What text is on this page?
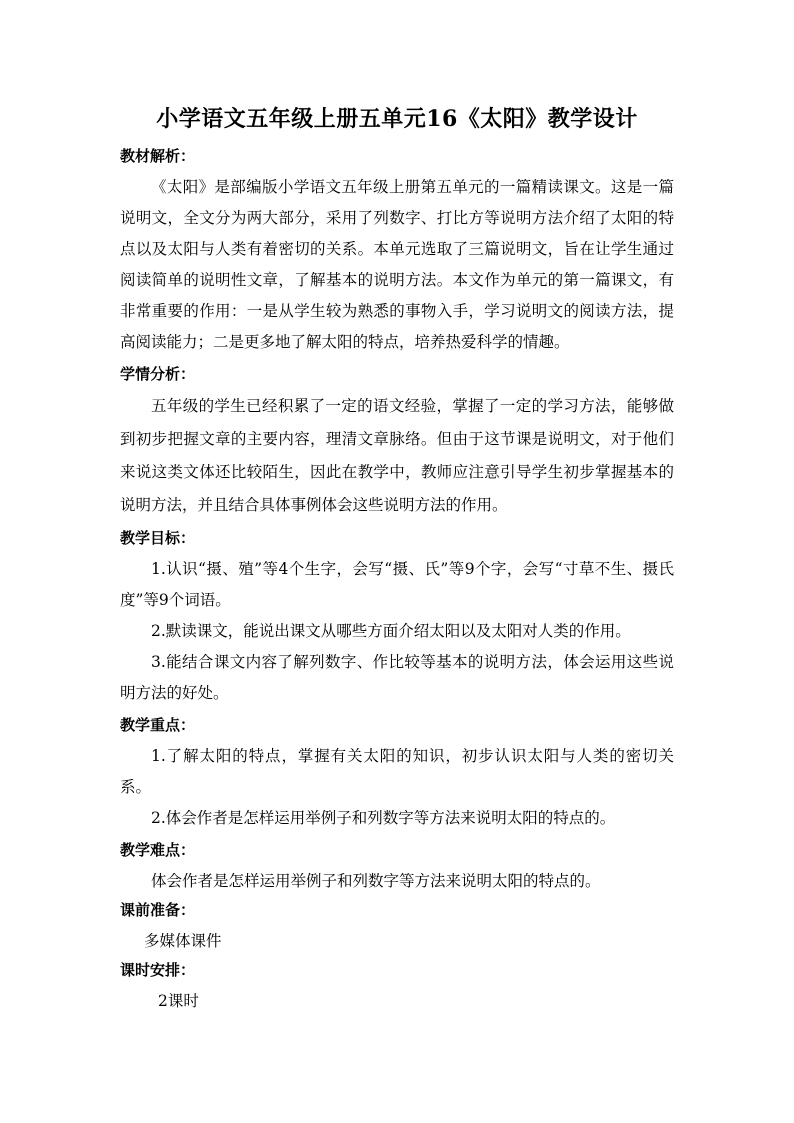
小学语文五年级上册五单元16《太阳》教学设计
教材解析：

《太阳》是部编版小学语文五年级上册第五单元的一篇精读课文。这是一篇说明文，全文分为两大部分，采用了列数字、打比方等说明方法介绍了太阳的特点以及太阳与人类有着密切的关系。本单元选取了三篇说明文，旨在让学生通过阅读简单的说明性文章，了解基本的说明方法。本文作为单元的第一篇课文，有非常重要的作用：一是从学生较为熟悉的事物入手，学习说明文的阅读方法，提高阅读能力；二是更多地了解太阳的特点，培养热爱科学的情趣。

学情分析：

五年级的学生已经积累了一定的语文经验，掌握了一定的学习方法，能够做到初步把握文章的主要内容，理清文章脉络。但由于这节课是说明文，对于他们来说这类文体还比较陌生，因此在教学中，教师应注意引导学生初步掌握基本的说明方法，并且结合具体事例体会这些说明方法的作用。

教学目标：

1.认识“摄、殖”等4个生字，会写“摄、氏”等9个字，会写“寸草不生、摄氏度”等9个词语。

2.默读课文，能说出课文从哪些方面介绍太阳以及太阳对人类的作用。

3.能结合课文内容了解列数字、作比较等基本的说明方法，体会运用这些说明方法的好处。

教学重点：

1.了解太阳的特点，掌握有关太阳的知识，初步认识太阳与人类的密切关系。

2.体会作者是怎样运用举例子和列数字等方法来说明太阳的特点的。

教学难点：

体会作者是怎样运用举例子和列数字等方法来说明太阳的特点的。

课前准备：

多媒体课件

课时安排：

2课时
